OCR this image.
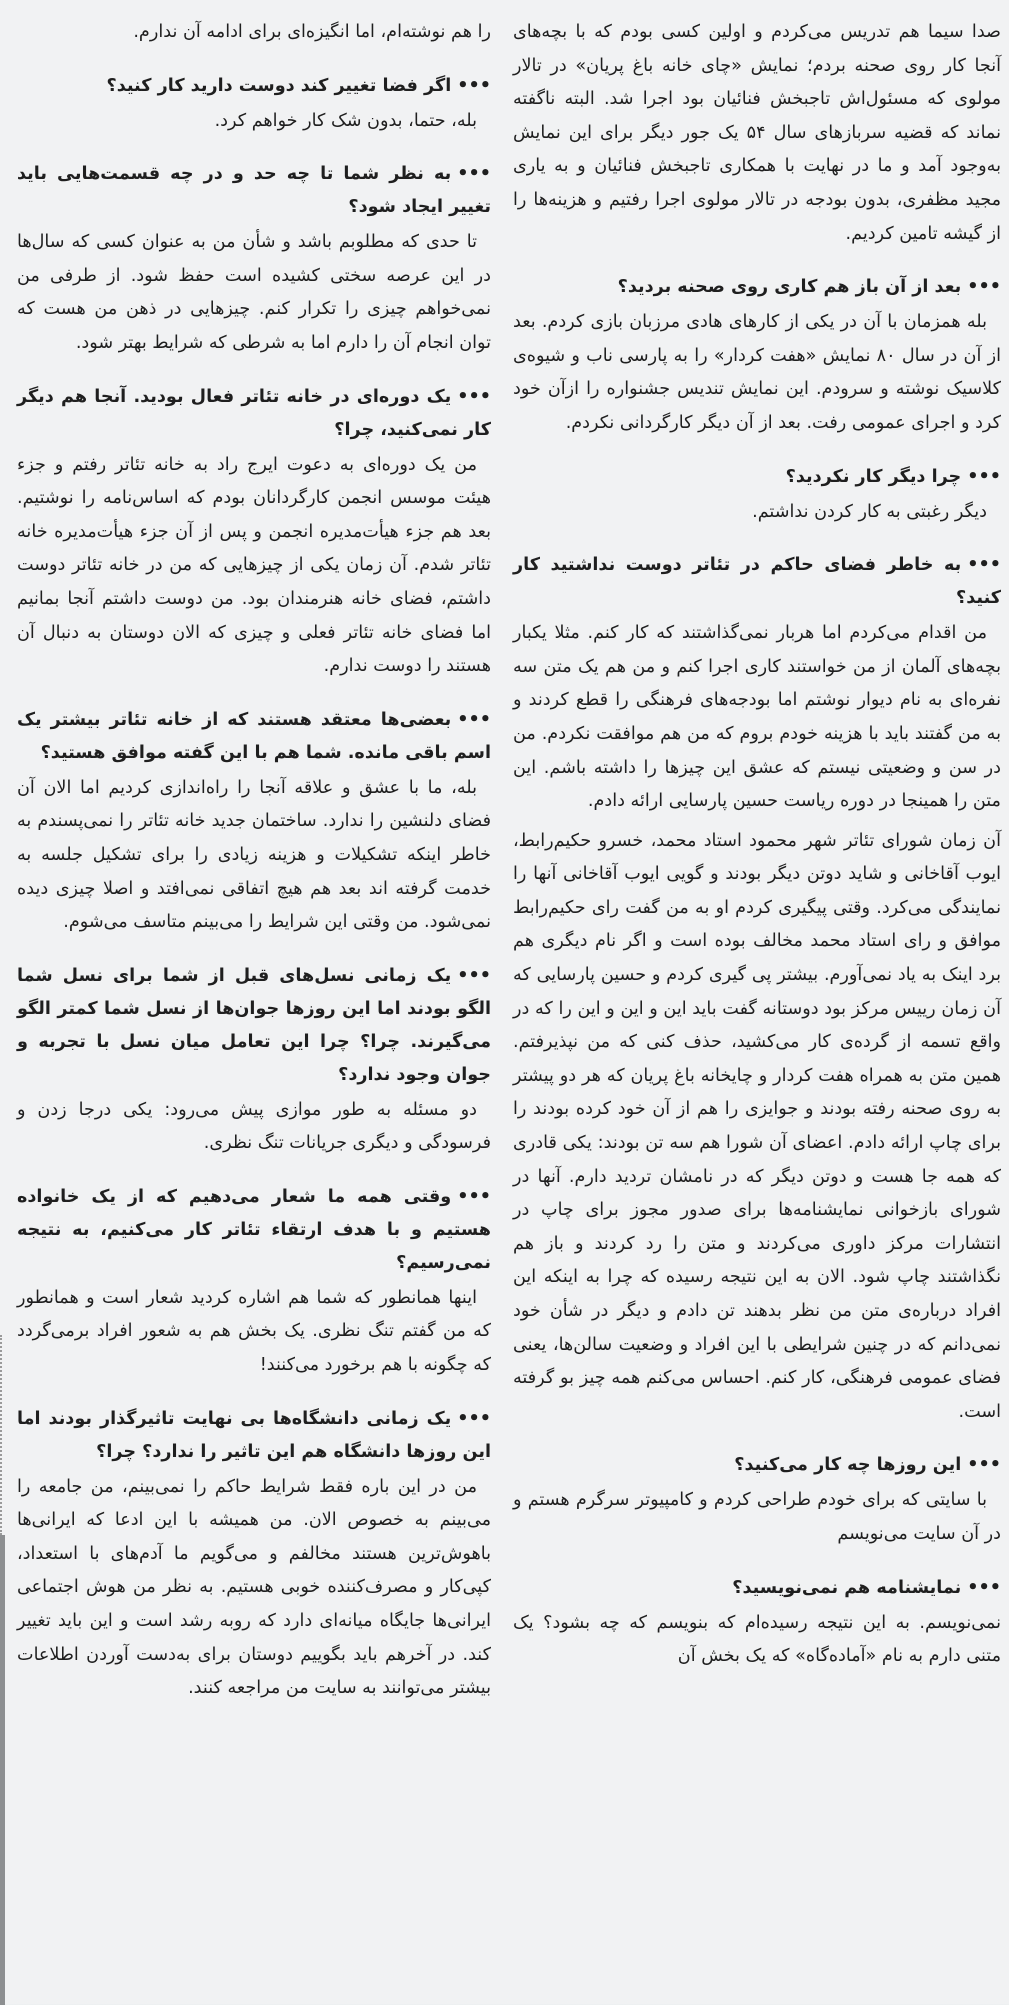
صدا سیما هم تدریس می‌کردم و اولین کسی بودم که با بچه‌های آنجا کار روی صحنه بردم؛ نمایش «چای خانه باغ پریان» در تالار مولوی که مسئول‌اش تاجبخش فنائیان بود اجرا شد. البته ناگفته نماند که قضیه سربازهای سال ۵۴ یک جور دیگر برای این نمایش به‌وجود آمد و ما در نهایت با همکاری تاجبخش فنائیان و به یاری مجید مظفری، بدون بودجه در تالار مولوی اجرا رفتیم و هزینه‌ها را از گیشه تامین کردیم.

•••بعد از آن باز هم کاری روی صحنه بردید؟

بله همزمان با آن در یکی از کارهای هادی مرزبان بازی کردم. بعد از آن در سال ۸۰ نمایش «هفت کردار» را به پارسی ناب و شیوه‌ی کلاسیک نوشته و سرودم. این نمایش تندیس جشنواره را ازآن خود کرد و اجرای عمومی رفت. بعد از آن دیگر کارگردانی نکردم.

•••چرا دیگر کار نکردید؟

دیگر رغبتی به کار کردن نداشتم.

•••به خاطر فضای حاکم در تئاتر دوست نداشتید کار کنید؟

من اقدام می‌کردم اما هربار نمی‌گذاشتند که کار کنم. مثلا یکبار بچه‌های آلمان از من خواستند کاری اجرا کنم و من هم یک متن سه نفره‌ای به نام دیوار نوشتم اما بودجه‌های فرهنگی را قطع کردند و به من گفتند باید با هزینه خودم بروم که من هم موافقت نکردم. من در سن و وضعیتی نیستم که عشق این چیزها را داشته باشم. این متن را همینجا در دوره ریاست حسین پارسایی ارائه دادم.

آن زمان شورای تئاتر شهر محمود استاد محمد، خسرو حکیم‌رابط، ایوب آقاخانی و شاید دوتن دیگر بودند و گویی ایوب آقاخانی آنها را نمایندگی می‌کرد. وقتی پیگیری کردم او به من گفت رای حکیم‌رابط موافق و رای استاد محمد مخالف بوده است و اگر نام دیگری هم برد اینک به یاد نمی‌آورم. بیشتر پی گیری کردم و حسین پارسایی که آن زمان رییس مرکز بود دوستانه گفت باید این و این و این را که در واقع تسمه از گرده‌ی کار می‌کشید، حذف کنی که من نپذیرفتم. همین متن به همراه هفت کردار و چایخانه باغ پریان که هر دو پیشتر به روی صحنه رفته بودند و جوایزی را هم از آن خود کرده بودند را برای چاپ ارائه دادم. اعضای آن شورا هم سه تن بودند: یکی قادری که همه جا هست و دوتن دیگر که در نامشان تردید دارم. آنها در شورای بازخوانی نمایشنامه‌ها برای صدور مجوز برای چاپ در انتشارات مرکز داوری می‌کردند و متن را رد کردند و باز هم نگذاشتند چاپ شود. الان به این نتیجه رسیده که چرا به اینکه این افراد درباره‌ی متن من نظر بدهند تن دادم و دیگر در شأن خود نمی‌دانم که در چنین شرایطی با این افراد و وضعیت سالن‌ها، یعنی فضای عمومی فرهنگی، کار کنم. احساس می‌کنم همه چیز بو گرفته است.

•••این روزها چه کار می‌کنید؟

با سایتی که برای خودم طراحی کردم و کامپیوتر سرگرم هستم و در آن سایت می‌نویسم

•••نمایشنامه هم نمی‌نویسید؟

نمی‌نویسم. به این نتیجه رسیده‌ام که بنویسم که چه بشود؟ یک متنی دارم به نام «آماده‌گاه» که یک بخش آن

را هم نوشته‌ام، اما انگیزه‌ای برای ادامه آن ندارم.

•••اگر فضا تغییر کند دوست دارید کار کنید؟

بله، حتما، بدون شک کار خواهم کرد.

•••به نظر شما تا چه حد و در چه قسمت‌هایی باید تغییر ایجاد شود؟

تا حدی که مطلوبم باشد و شأن من به عنوان کسی که سال‌ها در این عرصه سختی کشیده است حفظ شود. از طرفی من نمی‌خواهم چیزی را تکرار کنم. چیزهایی در ذهن من هست که توان انجام آن را دارم اما به شرطی که شرایط بهتر شود.

•••یک دوره‌ای در خانه تئاتر فعال بودید. آنجا هم دیگر کار نمی‌کنید، چرا؟

من یک دوره‌ای به دعوت ایرج راد به خانه تئاتر رفتم و جزء هیئت موسس انجمن کارگردانان بودم که اساس‌نامه را نوشتیم. بعد هم جزء هیأت‌مدیره انجمن و پس از آن جزء هیأت‌مدیره خانه تئاتر شدم. آن زمان یکی از چیزهایی که من در خانه تئاتر دوست داشتم، فضای خانه هنرمندان بود. من دوست داشتم آنجا بمانیم اما فضای خانه تئاتر فعلی و چیزی که الان دوستان به دنبال آن هستند را دوست ندارم.

•••بعضی‌ها معتقد هستند که از خانه تئاتر بیشتر یک اسم باقی مانده. شما هم با این گفته موافق هستید؟

بله، ما با عشق و علاقه آنجا را راه‌اندازی کردیم اما الان آن فضای دلنشین را ندارد. ساختمان جدید خانه تئاتر را نمی‌پسندم به خاطر اینکه تشکیلات و هزینه زیادی را برای تشکیل جلسه به خدمت گرفته اند بعد هم هیچ اتفاقی نمی‌افتد و اصلا چیزی دیده نمی‌شود. من وقتی این شرایط را می‌بینم متاسف می‌شوم.

•••یک زمانی نسل‌های قبل از شما برای نسل شما الگو بودند اما این روزها جوان‌ها از نسل شما کمتر الگو می‌گیرند. چرا؟ چرا این تعامل میان نسل با تجربه و جوان وجود ندارد؟

دو مسئله به طور موازی پیش می‌رود: یکی درجا زدن و فرسودگی و دیگری جریانات تنگ نظری.

•••وقتی همه ما شعار می‌دهیم که از یک خانواده هستیم و با هدف ارتقاء تئاتر کار می‌کنیم، به نتیجه نمی‌رسیم؟

اینها همانطور که شما هم اشاره کردید شعار است و همانطور که من گفتم تنگ نظری. یک بخش هم به شعور افراد برمی‌گردد که چگونه با هم برخورد می‌کنند!

•••یک زمانی دانشگاه‌ها بی نهایت تاثیرگذار بودند اما این روزها دانشگاه هم این تاثیر را ندارد؟ چرا؟

من در این باره فقط شرایط حاکم را نمی‌بینم، من جامعه را می‌بینم به خصوص الان. من همیشه با این ادعا که ایرانی‌ها باهوش‌ترین هستند مخالفم و می‌گویم ما آدم‌های با استعداد، کپی‌کار و مصرف‌کننده خوبی هستیم. به نظر من هوش اجتماعی ایرانی‌ها جایگاه میانه‌ای دارد که روبه رشد است و این باید تغییر کند. در آخرهم باید بگوییم دوستان برای به‌دست آوردن اطلاعات بیشتر می‌توانند به سایت من مراجعه کنند.
